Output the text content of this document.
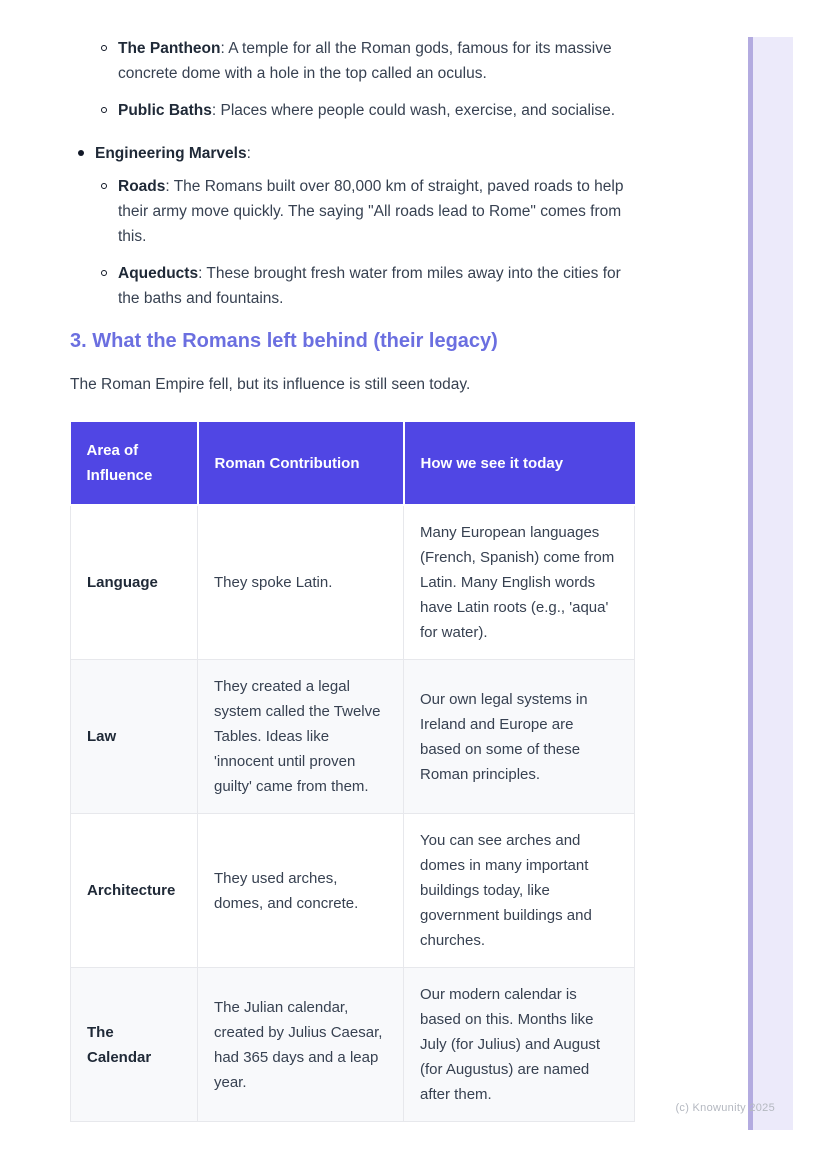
The Pantheon: A temple for all the Roman gods, famous for its massive concrete dome with a hole in the top called an oculus.
Public Baths: Places where people could wash, exercise, and socialise.
Engineering Marvels:
Roads: The Romans built over 80,000 km of straight, paved roads to help their army move quickly. The saying "All roads lead to Rome" comes from this.
Aqueducts: These brought fresh water from miles away into the cities for the baths and fountains.
3. What the Romans left behind (their legacy)

The Roman Empire fell, but its influence is still seen today.

Area of Influence	Roman Contribution	How we see it today
Language	They spoke Latin.	Many European languages (French, Spanish) come from Latin. Many English words have Latin roots (e.g., 'aqua' for water).
Law	They created a legal system called the Twelve Tables. Ideas like 'innocent until proven guilty' came from them.	Our own legal systems in Ireland and Europe are based on some of these Roman principles.
Architecture	They used arches, domes, and concrete.	You can see arches and domes in many important buildings today, like government buildings and churches.
The Calendar	The Julian calendar, created by Julius Caesar, had 365 days and a leap year.	Our modern calendar is based on this. Months like July (for Julius) and August (for Augustus) are named after them.
(c) Knowunity 2025
